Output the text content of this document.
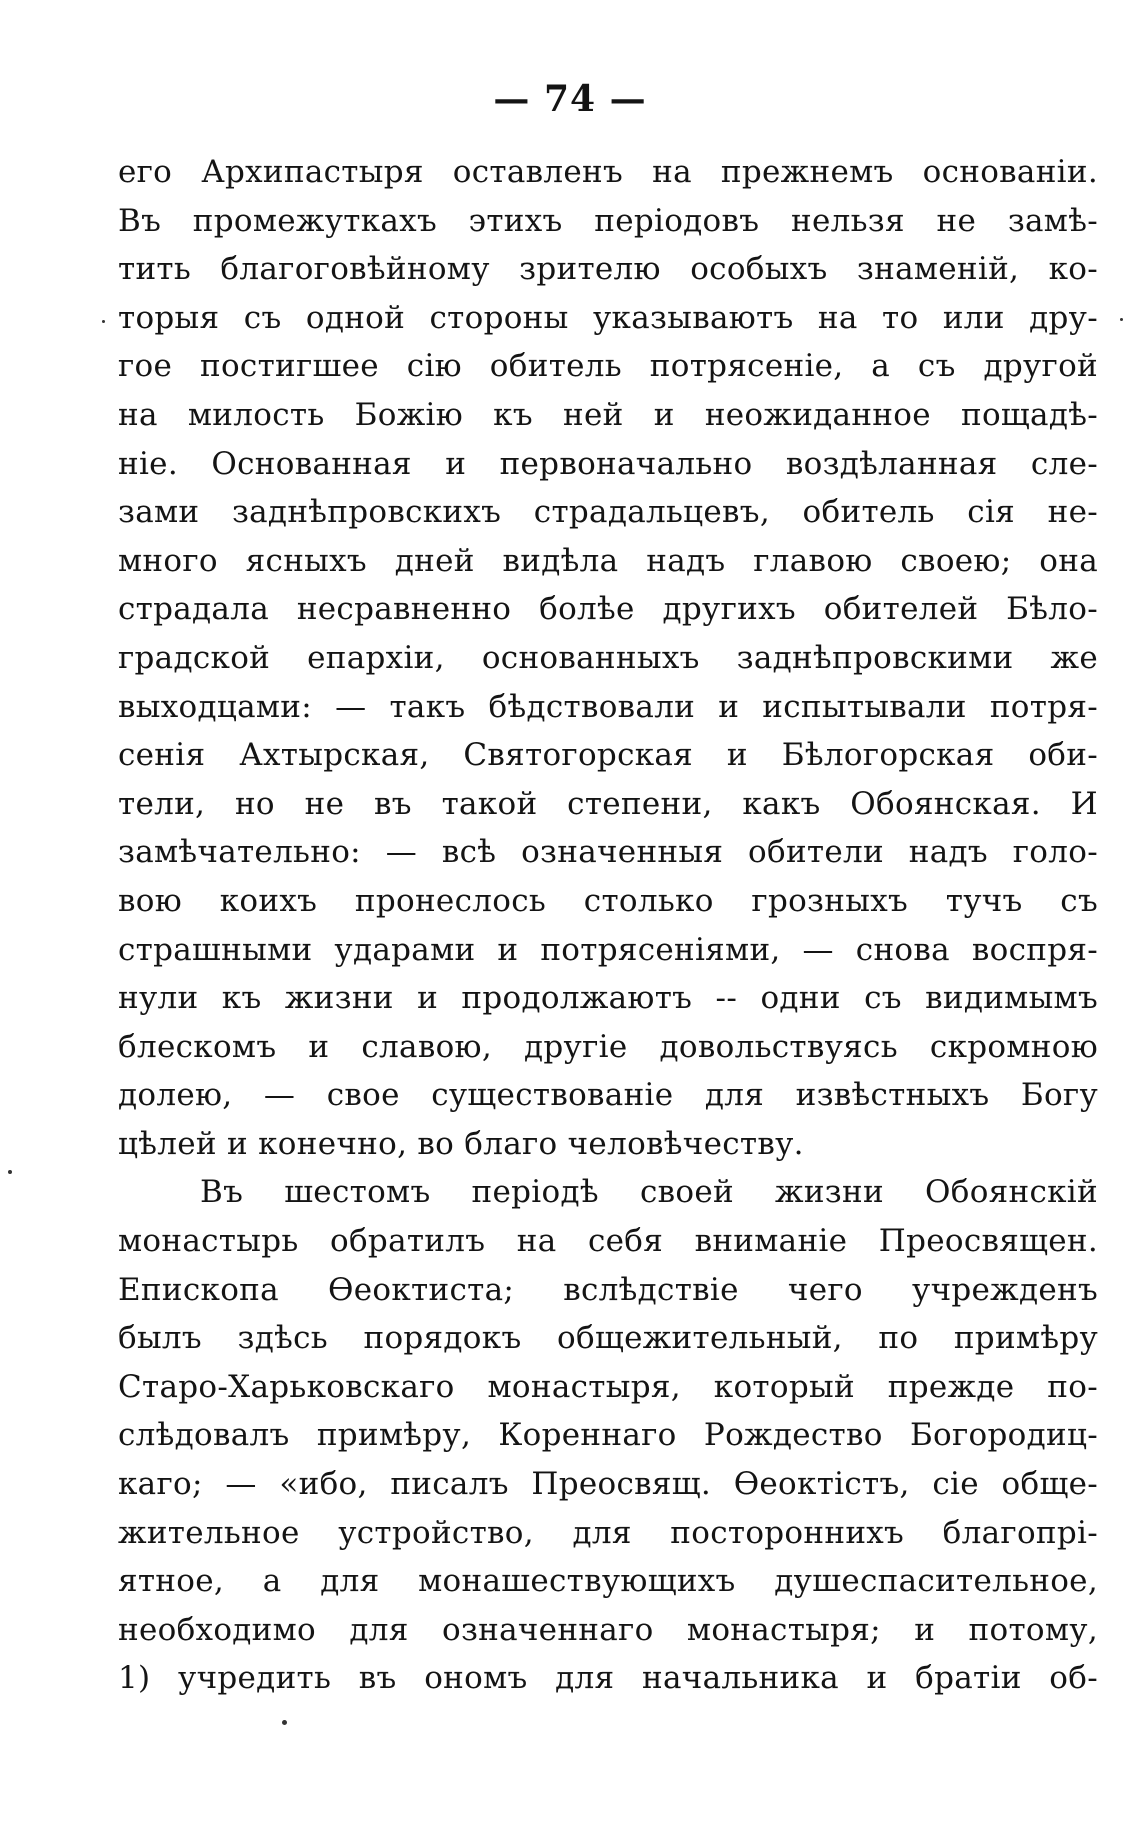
— 74 —
его Архипастыря оставленъ на прежнемъ основаніи.
Въ промежуткахъ этихъ періодовъ нельзя не замѣ-
тить благоговѣйному зрителю особыхъ знаменій, ко-
торыя съ одной стороны указываютъ на то или дру-
гое постигшее сію обитель потрясеніе, а съ другой
на милость Божію къ ней и неожиданное пощадѣ-
ніе. Основанная и первоначально воздѣланная сле-
зами заднѣпровскихъ страдальцевъ, обитель сія не-
много ясныхъ дней видѣла надъ главою своею; она
страдала несравненно болѣе другихъ обителей Бѣло-
градской епархіи, основанныхъ заднѣпровскими же
выходцами: — такъ бѣдствовали и испытывали потря-
сенія Ахтырская, Святогорская и Бѣлогорская оби-
тели, но не въ такой степени, какъ Обоянская. И
замѣчательно: — всѣ означенныя обители надъ голо-
вою коихъ пронеслось столько грозныхъ тучъ съ
страшными ударами и потрясеніями, — снова воспря-
нули къ жизни и продолжаютъ -- одни съ видимымъ
блескомъ и славою, другіе довольствуясь скромною
долею, — свое существованіе для извѣстныхъ Богу
цѣлей и конечно, во благо человѣчеству.
Въ шестомъ періодѣ своей жизни Обоянскій
монастырь обратилъ на себя вниманіе Преосвящен.
Епископа Ѳеоктиста; вслѣдствіе чего учрежденъ
былъ здѣсь порядокъ общежительный, по примѣру
Старо-Харьковскаго монастыря, который прежде по-
слѣдовалъ примѣру, Кореннаго Рождество Богородиц-
каго; — «ибо, писалъ Преосвящ. Ѳеоктістъ, сіе обще-
жительное устройство, для постороннихъ благопрі-
ятное, а для монашествующихъ душеспасительное,
необходимо для означеннаго монастыря; и потому,
1) учредить въ ономъ для начальника и братіи об-
